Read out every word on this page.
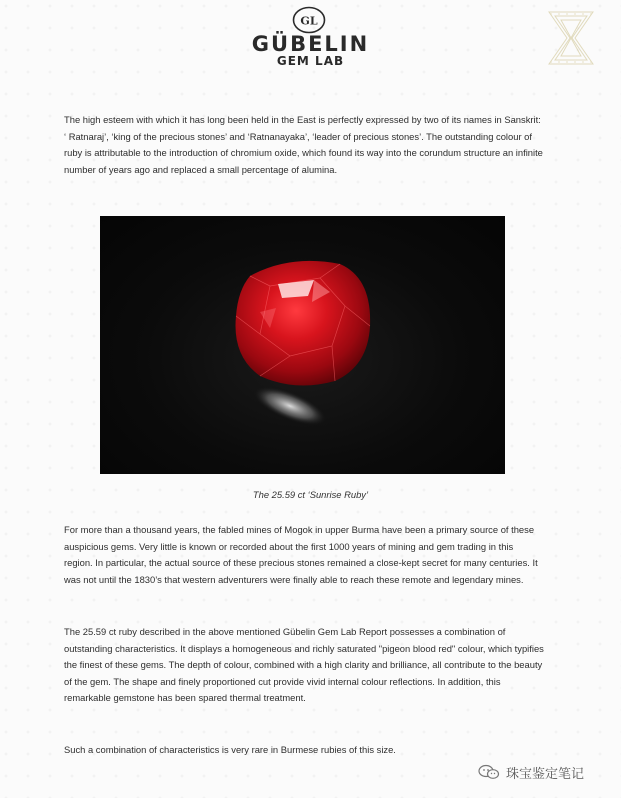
GL
GÜBELIN
GEM LAB

The high esteem with which it has long been held in the East is perfectly expressed by two of its names in Sanskrit: ‘ Ratnaraj’, ‘king of the precious stones’ and ‘Ratnanayaka’, ‘leader of precious stones’. The outstanding colour of ruby is attributable to the introduction of chromium oxide, which found its way into the corundum structure an infinite number of years ago and replaced a small percentage of alumina.

The 25.59 ct ‘Sunrise Ruby’

For more than a thousand years, the fabled mines of Mogok in upper Burma have been a primary source of these auspicious gems. Very little is known or recorded about the first 1000 years of mining and gem trading in this region. In particular, the actual source of these precious stones remained a close-kept secret for many centuries. It was not until the 1830’s that western adventurers were finally able to reach these remote and legendary mines.

The 25.59 ct ruby described in the above mentioned Gübelin Gem Lab Report possesses a combination of outstanding characteristics. It displays a homogeneous and richly saturated "pigeon blood red" colour, which typifies the finest of these gems. The depth of colour, combined with a high clarity and brilliance, all contribute to the beauty of the gem. The shape and finely proportioned cut provide vivid internal colour reflections. In addition, this remarkable gemstone has been spared thermal treatment.

Such a combination of characteristics is very rare in Burmese rubies of this size.

珠宝鉴定笔记
